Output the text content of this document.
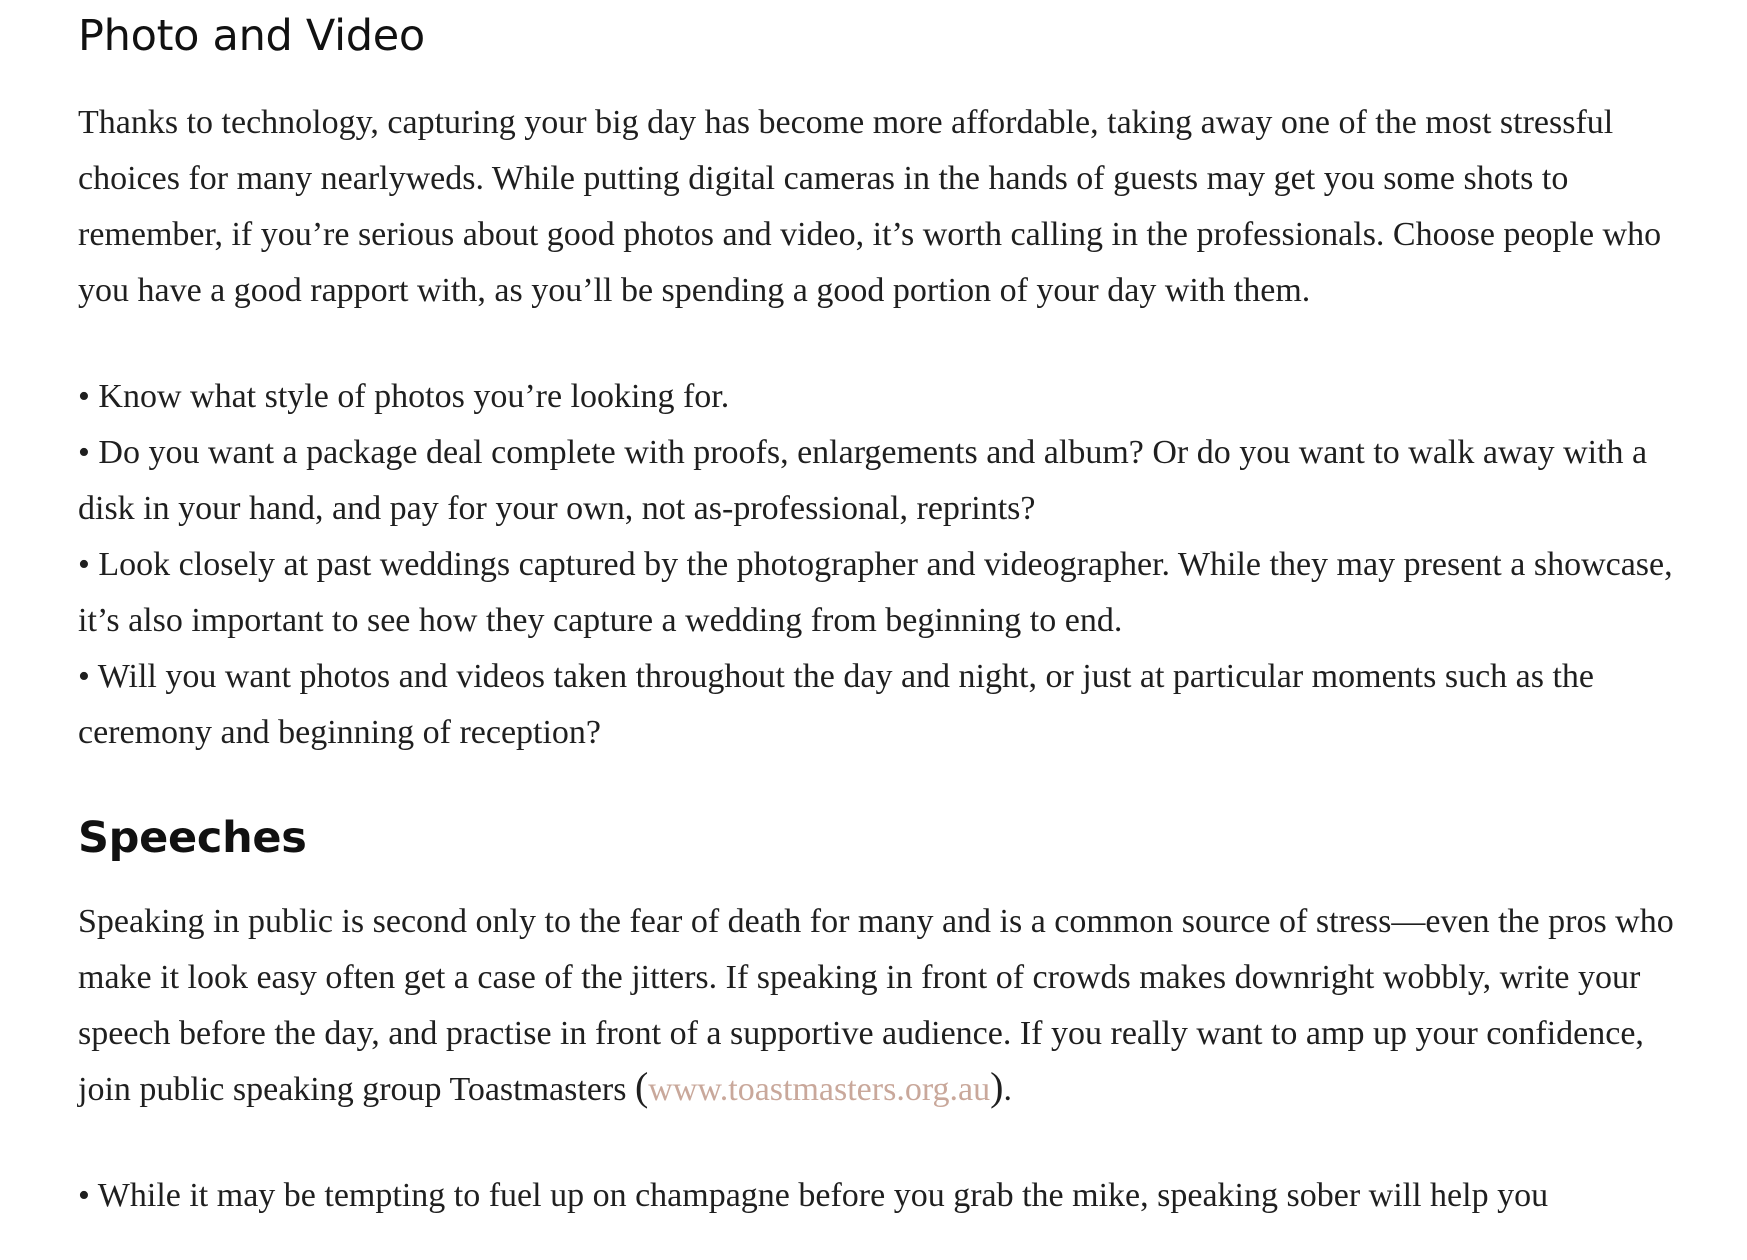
Photo and Video

Thanks to technology, capturing your big day has become more affordable, taking away one of the most stressful choices for many nearlyweds. While putting digital cameras in the hands of guests may get you some shots to remember, if you’re serious about good photos and video, it’s worth calling in the professionals. Choose people who you have a good rapport with, as you’ll be spending a good portion of your day with them.

• Know what style of photos you’re looking for.

• Do you want a package deal complete with proofs, enlargements and album? Or do you want to walk away with a disk in your hand, and pay for your own, not as-professional, reprints?

• Look closely at past weddings captured by the photographer and videographer. While they may present a showcase, it’s also important to see how they capture a wedding from beginning to end.

• Will you want photos and videos taken throughout the day and night, or just at particular moments such as the ceremony and beginning of reception?

Speeches

Speaking in public is second only to the fear of death for many and is a common source of stress—even the pros who make it look easy often get a case of the jitters. If speaking in front of crowds makes downright wobbly, write your speech before the day, and practise in front of a supportive audience. If you really want to amp up your confidence, join public speaking group Toastmasters (www.toastmasters.org.au).

• While it may be tempting to fuel up on champagne before you grab the mike, speaking sober will help you
